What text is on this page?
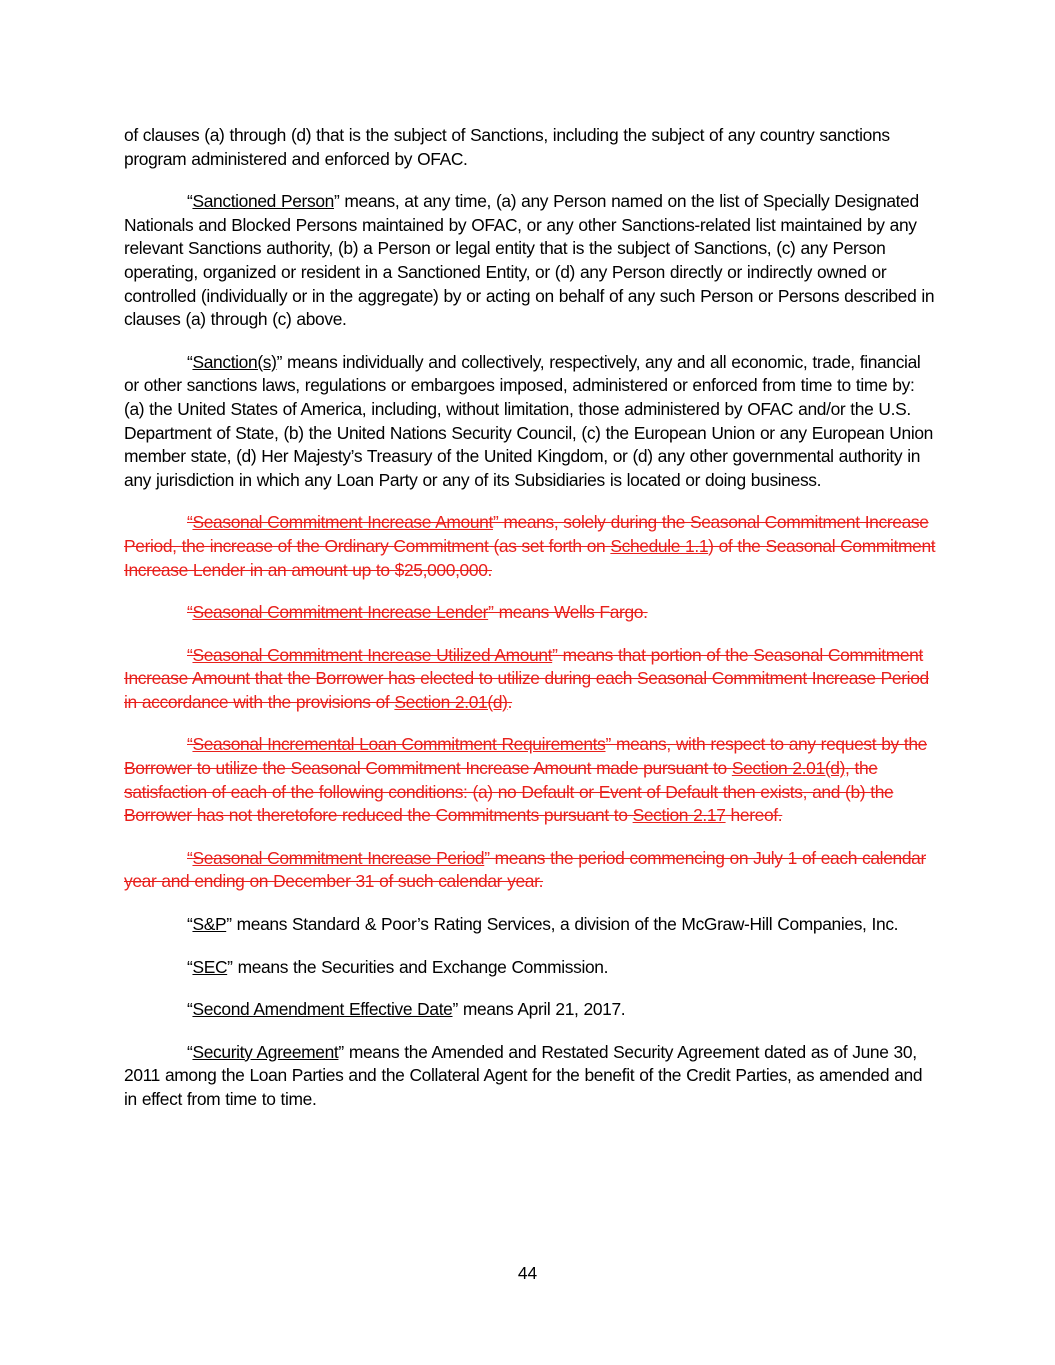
of clauses (a) through (d) that is the subject of Sanctions, including the subject of any country sanctions program administered and enforced by OFAC.

“Sanctioned Person” means, at any time, (a) any Person named on the list of Specially Designated Nationals and Blocked Persons maintained by OFAC, or any other Sanctions-related list maintained by any relevant Sanctions authority, (b) a Person or legal entity that is the subject of Sanctions, (c) any Person operating, organized or resident in a Sanctioned Entity, or (d) any Person directly or indirectly owned or controlled (individually or in the aggregate) by or acting on behalf of any such Person or Persons described in clauses (a) through (c) above.

“Sanction(s)” means individually and collectively, respectively, any and all economic, trade, financial or other sanctions laws, regulations or embargoes imposed, administered or enforced from time to time by: (a) the United States of America, including, without limitation, those administered by OFAC and/or the U.S. Department of State, (b) the United Nations Security Council, (c) the European Union or any European Union member state, (d) Her Majesty’s Treasury of the United Kingdom, or (d) any other governmental authority in any jurisdiction in which any Loan Party or any of its Subsidiaries is located or doing business.

“Seasonal Commitment Increase Amount” means, solely during the Seasonal Commitment Increase Period, the increase of the Ordinary Commitment (as set forth on Schedule 1.1) of the Seasonal Commitment Increase Lender in an amount up to $25,000,000.

“Seasonal Commitment Increase Lender” means Wells Fargo.

“Seasonal Commitment Increase Utilized Amount” means that portion of the Seasonal Commitment Increase Amount that the Borrower has elected to utilize during each Seasonal Commitment Increase Period in accordance with the provisions of Section 2.01(d).

“Seasonal Incremental Loan Commitment Requirements” means, with respect to any request by the Borrower to utilize the Seasonal Commitment Increase Amount made pursuant to Section 2.01(d), the satisfaction of each of the following conditions: (a) no Default or Event of Default then exists, and (b) the Borrower has not theretofore reduced the Commitments pursuant to Section 2.17 hereof.

“Seasonal Commitment Increase Period” means the period commencing on July 1 of each calendar year and ending on December 31 of such calendar year.

“S&P” means Standard & Poor’s Rating Services, a division of the McGraw-Hill Companies, Inc.

“SEC” means the Securities and Exchange Commission.

“Second Amendment Effective Date” means April 21, 2017.

“Security Agreement” means the Amended and Restated Security Agreement dated as of June 30, 2011 among the Loan Parties and the Collateral Agent for the benefit of the Credit Parties, as amended and in effect from time to time.

44
